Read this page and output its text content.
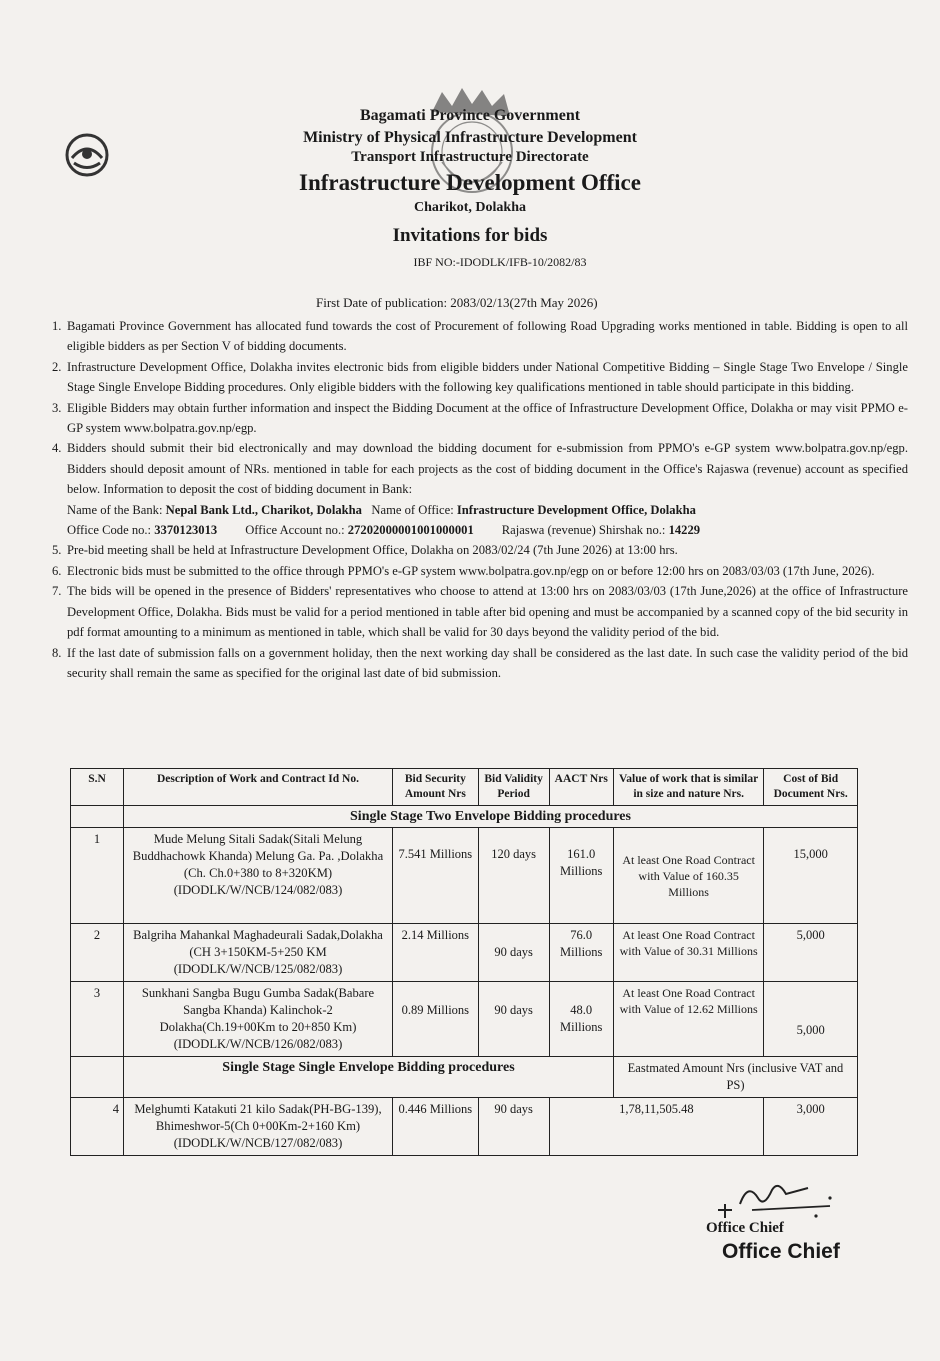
Bagamati Province Government
Ministry of Physical Infrastructure Development
Transport Infrastructure Directorate
Infrastructure Development Office
Charikot, Dolakha
Invitations for bids
IBF NO:-IDODLK/IFB-10/2082/83
First Date of publication: 2083/02/13(27th May 2026)
1. Bagamati Province Government has allocated fund towards the cost of Procurement of following Road Upgrading works mentioned in table. Bidding is open to all eligible bidders as per Section V of bidding documents.
2. Infrastructure Development Office, Dolakha invites electronic bids from eligible bidders under National Competitive Bidding – Single Stage Two Envelope / Single Stage Single Envelope Bidding procedures. Only eligible bidders with the following key qualifications mentioned in table should participate in this bidding.
3. Eligible Bidders may obtain further information and inspect the Bidding Document at the office of Infrastructure Development Office, Dolakha or may visit PPMO e-GP system www.bolpatra.gov.np/egp.
4. Bidders should submit their bid electronically and may download the bidding document for e-submission from PPMO's e-GP system www.bolpatra.gov.np/egp. Bidders should deposit amount of NRs. mentioned in table for each projects as the cost of bidding document in the Office's Rajaswa (revenue) account as specified below. Information to deposit the cost of bidding document in Bank:
Name of the Bank: Nepal Bank Ltd., Charikot, Dolakha Name of Office: Infrastructure Development Office, Dolakha
Office Code no.: 3370123013 Office Account no.: 27202000001001000001 Rajaswa (revenue) Shirshak no.: 14229
5. Pre-bid meeting shall be held at Infrastructure Development Office, Dolakha on 2083/02/24 (7th June 2026) at 13:00 hrs.
6. Electronic bids must be submitted to the office through PPMO's e-GP system www.bolpatra.gov.np/egp on or before 12:00 hrs on 2083/03/03 (17th June, 2026).
7. The bids will be opened in the presence of Bidders' representatives who choose to attend at 13:00 hrs on 2083/03/03 (17th June,2026) at the office of Infrastructure Development Office, Dolakha. Bids must be valid for a period mentioned in table after bid opening and must be accompanied by a scanned copy of the bid security in pdf format amounting to a minimum as mentioned in table, which shall be valid for 30 days beyond the validity period of the bid.
8. If the last date of submission falls on a government holiday, then the next working day shall be considered as the last date. In such case the validity period of the bid security shall remain the same as specified for the original last date of bid submission.
S.N	Description of Work and Contract Id No.	Bid Security Amount Nrs	Bid Validity Period	AACT Nrs	Value of work that is similar in size and nature Nrs.	Cost of Bid Document Nrs.
	Single Stage Two Envelope Bidding procedures					
1	Mude Melung Sitali Sadak(Sitali Melung Buddhachowk Khanda) Melung Ga. Pa. ,Dolakha (Ch. Ch.0+380 to 8+320KM) (IDODLK/W/NCB/124/082/083)	7.541 Millions	120 days	161.0 Millions	At least One Road Contract with Value of 160.35 Millions	15,000
2	Balgriha Mahankal Maghadeurali Sadak,Dolakha (CH 3+150KM-5+250 KM (IDODLK/W/NCB/125/082/083)	2.14 Millions	90 days	76.0 Millions	At least One Road Contract with Value of 30.31 Millions	5,000
3	Sunkhani Sangba Bugu Gumba Sadak(Babare Sangba Khanda) Kalinchok-2 Dolakha(Ch.19+00Km to 20+850 Km) (IDODLK/W/NCB/126/082/083)	0.89 Millions	90 days	48.0 Millions	At least One Road Contract with Value of 12.62 Millions	5,000
	Single Stage Single Envelope Bidding procedures				Eastmated Amount Nrs (inclusive VAT and PS)	
4	Melghumti Katakuti 21 kilo Sadak(PH-BG-139), Bhimeshwor-5(Ch 0+00Km-2+160 Km) (IDODLK/W/NCB/127/082/083)	0.446 Millions	90 days	1,78,11,505.48		3,000
Office Chief
Office Chief
